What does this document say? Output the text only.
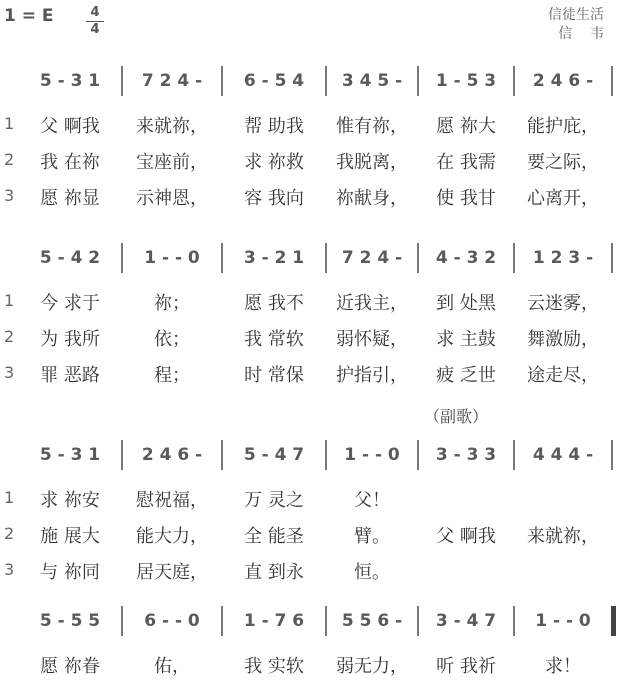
1 = E	4
4
信徒生活
信    韦
5 - 3 1	7 2 4 -	6 - 5 4	3 4 5 -	1 - 5 3	2 4 6 -
1	父 啊我	来就祢，	帮 助我	惟有祢，	愿 祢大	能护庇，
2	我 在祢	宝座前，	求 祢救	我脱离，	在 我需	要之际，
3	愿 祢显	示神恩，	容 我向	祢献身，	使 我甘	心离开，
5 - 4 2	1 - - 0	3 - 2 1	7 2 4 -	4 - 3 2	1 2 3 -
1	今 求于	祢；	愿 我不	近我主，	到 处黑	云迷雾，
2	为 我所	依；	我 常软	弱怀疑，	求 主鼓	舞激励，
3	罪 恶路	程；	时 常保	护指引，	疲 乏世	途走尽，
5 - 3 1	2 4 6 -	5 - 4 7	1 - - 0	3 - 3 3	4 4 4 -
1	求 祢安	慰祝福，	万 灵之	父！
2	施 展大	能大力，	全 能圣	臂。	父 啊我	来就祢，
3	与 祢同	居天庭，	直 到永	恒。
5 - 5 5	6 - - 0	1 - 7 6	5 5 6 -	3 - 4 7	1 - - 0
愿 祢眷	佑，	我 实软	弱无力，	听 我祈	求！
（副歌）
